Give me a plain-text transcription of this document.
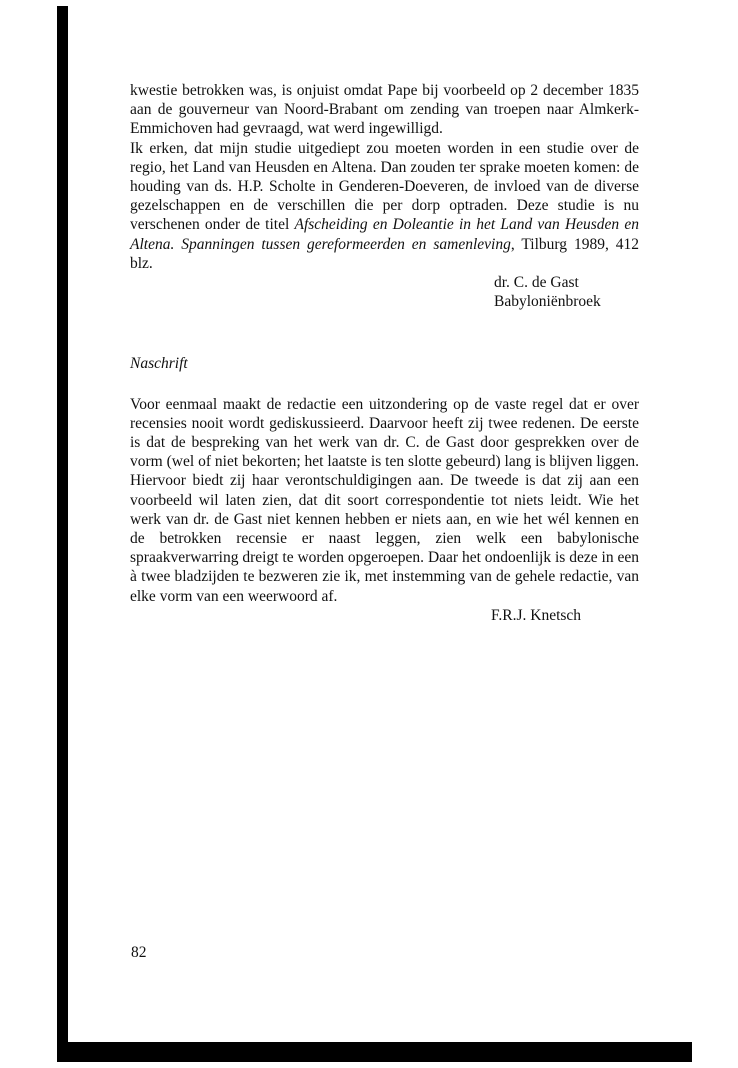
kwestie betrokken was, is onjuist omdat Pape bij voorbeeld op 2 december 1835 aan de gouverneur van Noord-Brabant om zending van troepen naar Almkerk-Emmichoven had gevraagd, wat werd ingewilligd.

Ik erken, dat mijn studie uitgediept zou moeten worden in een studie over de regio, het Land van Heusden en Altena. Dan zouden ter sprake moeten komen: de houding van ds. H.P. Scholte in Genderen-Doeveren, de invloed van de diverse gezelschappen en de verschillen die per dorp optraden. Deze studie is nu verschenen onder de titel Afscheiding en Doleantie in het Land van Heusden en Altena. Spanningen tussen gereformeerden en samenleving, Tilburg 1989, 412 blz.

dr. C. de Gast
Babyloniënbroek
Naschrift

Voor eenmaal maakt de redactie een uitzondering op de vaste regel dat er over recensies nooit wordt gediskussieerd. Daarvoor heeft zij twee redenen. De eerste is dat de bespreking van het werk van dr. C. de Gast door gesprekken over de vorm (wel of niet bekorten; het laatste is ten slotte gebeurd) lang is blijven liggen. Hiervoor biedt zij haar verontschuldigingen aan. De tweede is dat zij aan een voorbeeld wil laten zien, dat dit soort correspondentie tot niets leidt. Wie het werk van dr. de Gast niet kennen hebben er niets aan, en wie het wél kennen en de betrokken recensie er naast leggen, zien welk een babylonische spraakverwarring dreigt te worden opgeroepen. Daar het ondoenlijk is deze in een à twee bladzijden te bezweren zie ik, met instemming van de gehele redactie, van elke vorm van een weerwoord af.

F.R.J. Knetsch
82
